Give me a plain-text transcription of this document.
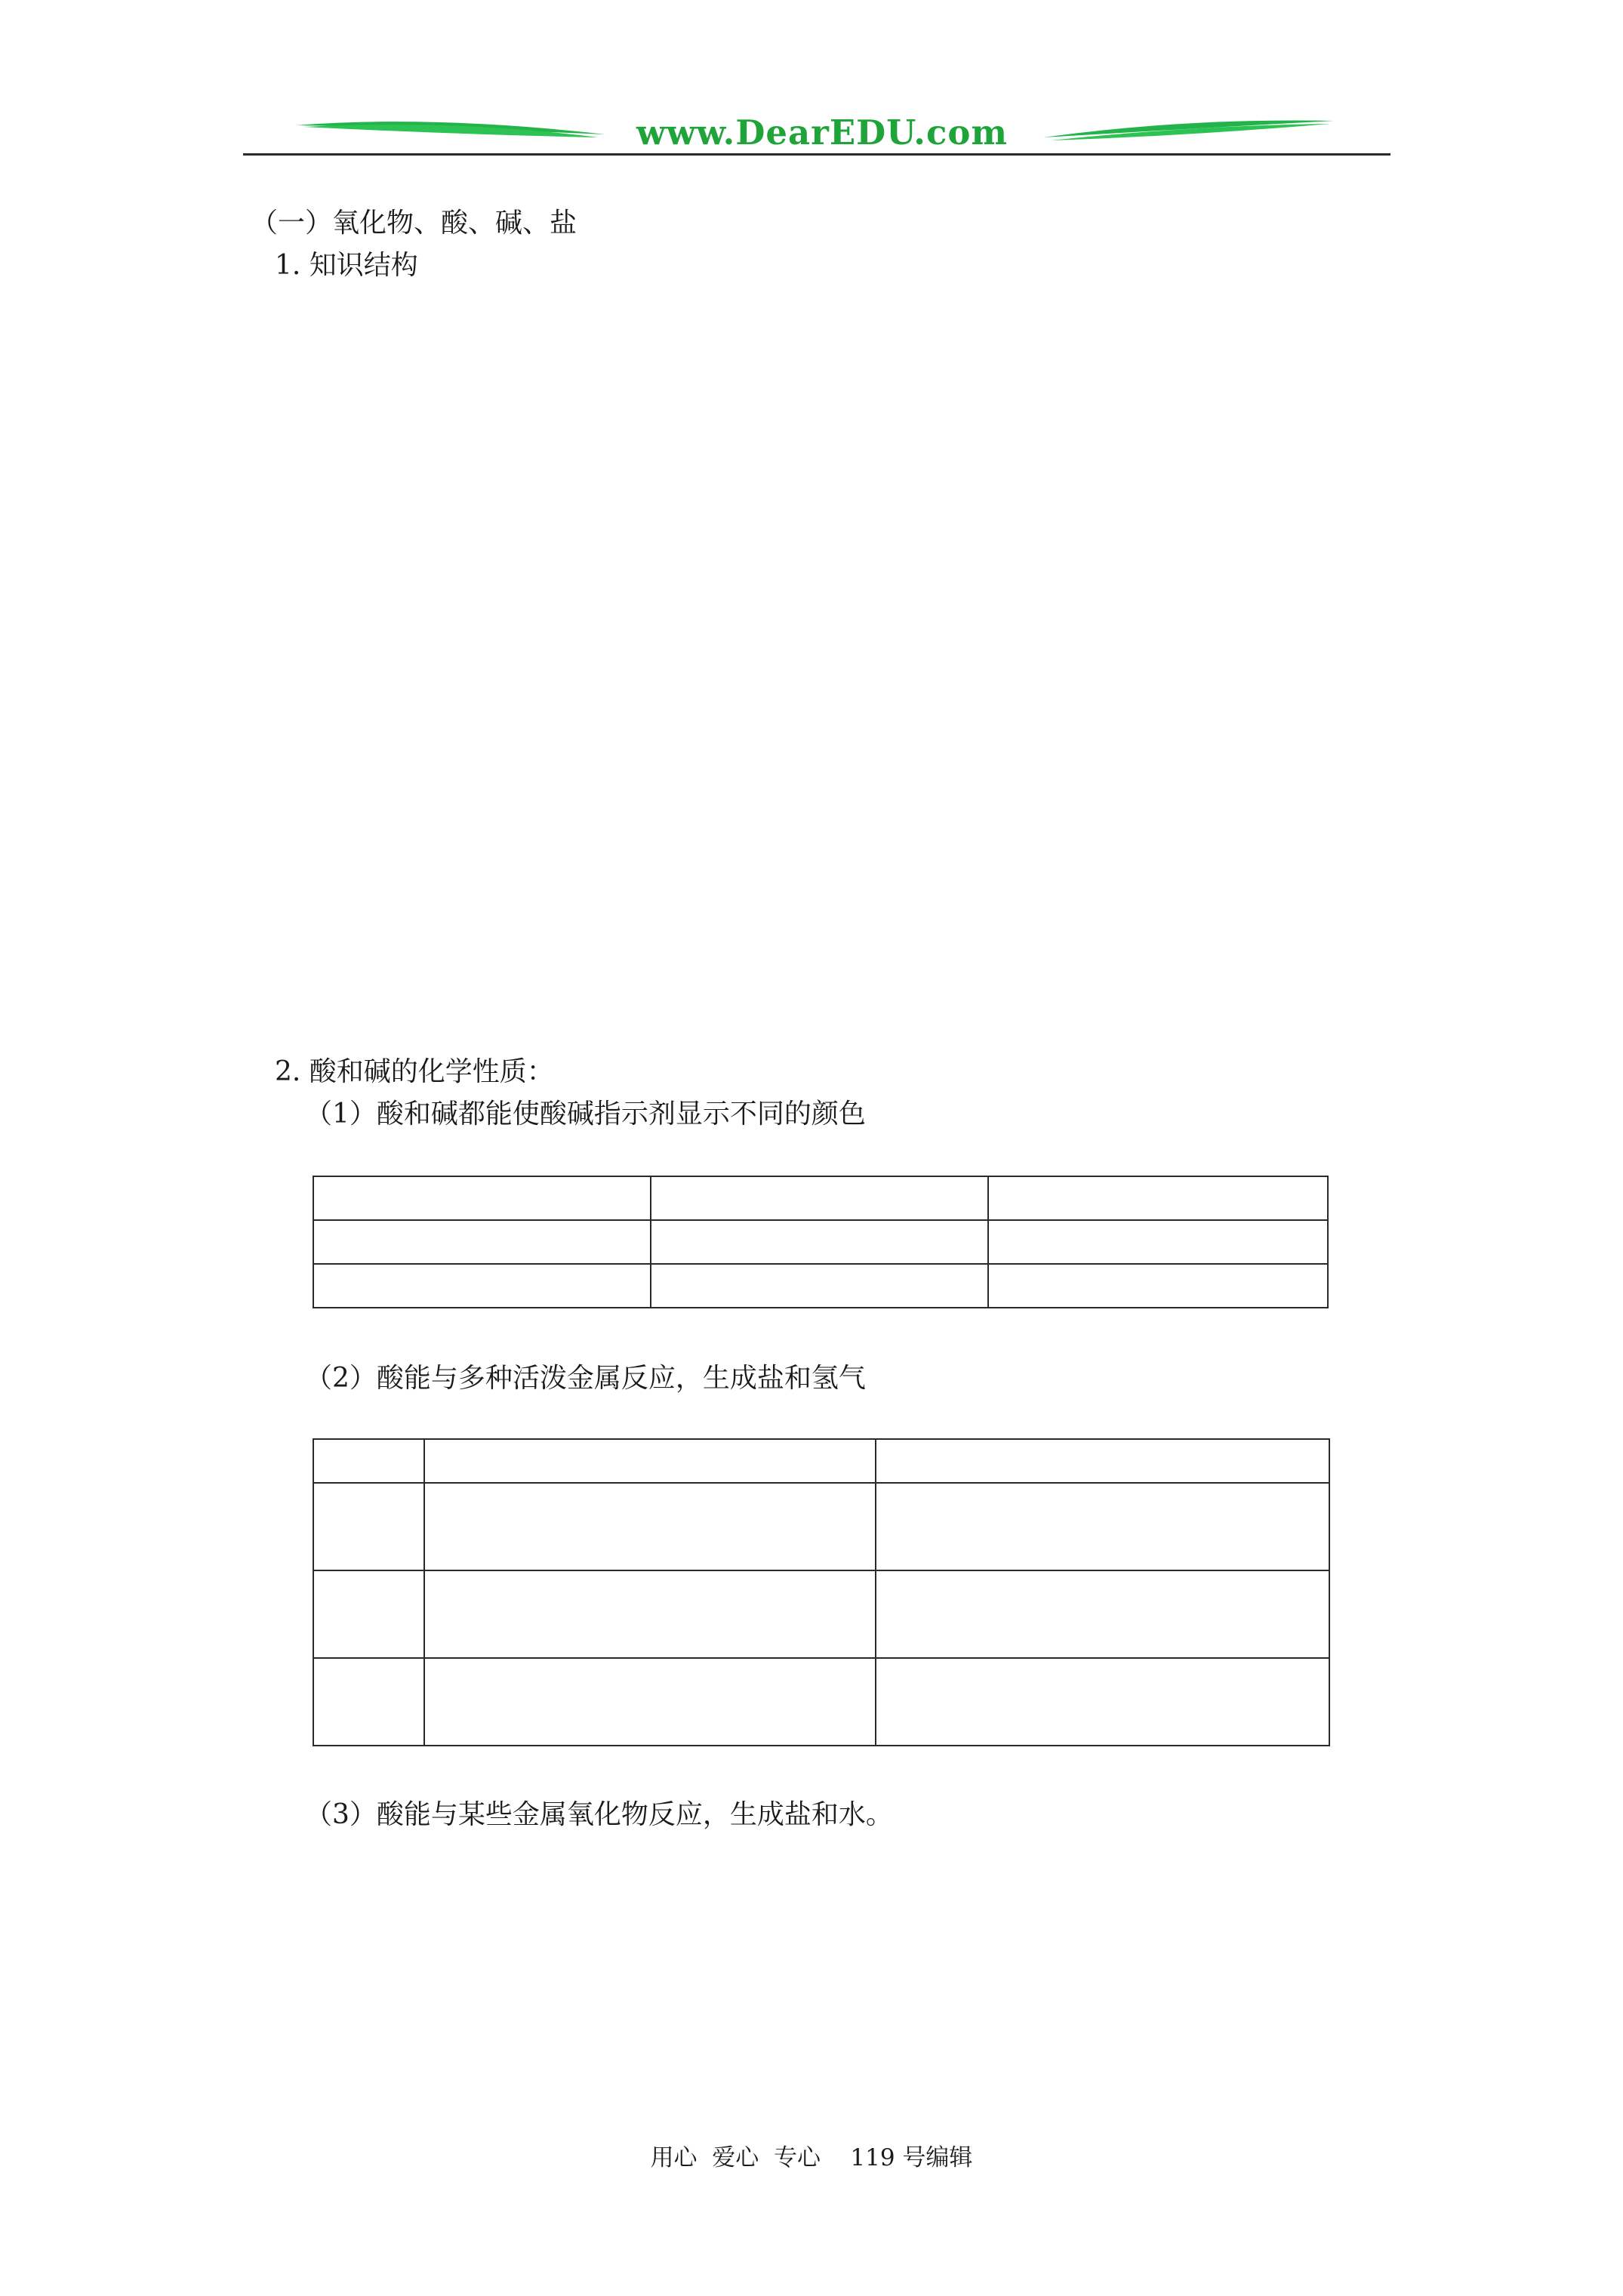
www.DearEDU.com
（一）氧化物、酸、碱、盐
1. 知识结构
2. 酸和碱的化学性质：
（1）酸和碱都能使酸碱指示剂显示不同的颜色

（2）酸能与多种活泼金属反应，生成盐和氢气

（3）酸能与某些金属氧化物反应，生成盐和水。
用心  爱心  专心    119 号编辑
